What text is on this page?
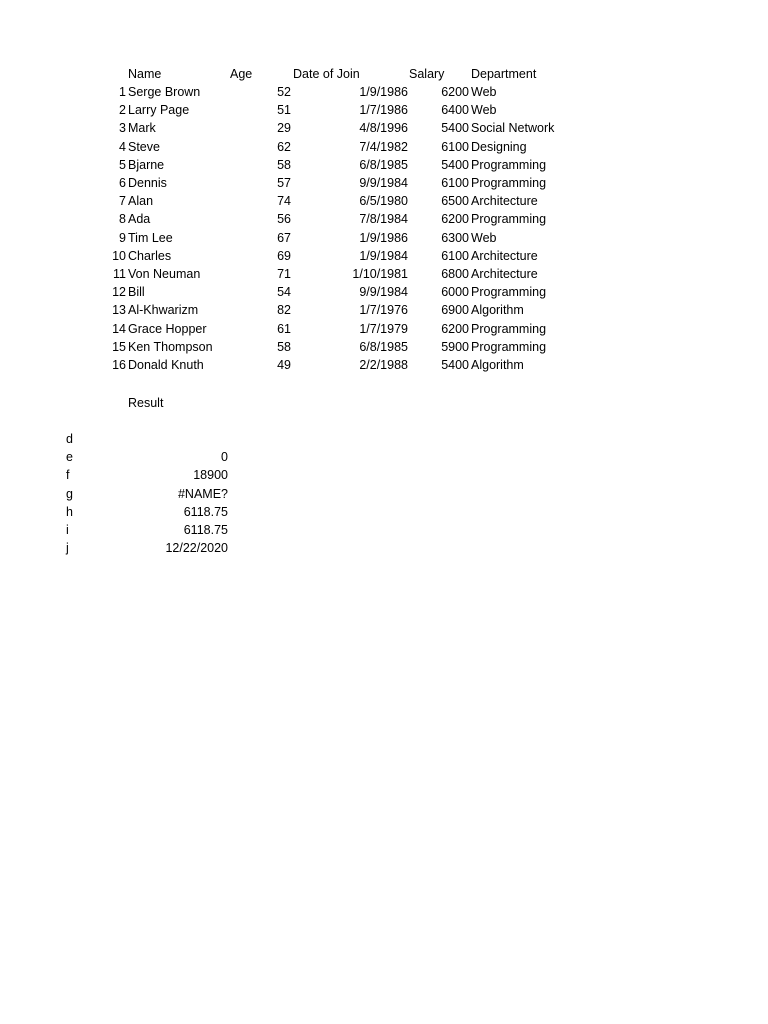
Name	Age	Date of Join	Salary Department
1 Serge Brown	52	1/9/1986	6200 Web
2 Larry Page	51	1/7/1986	6400 Web
3 Mark	29	4/8/1996	5400 Social Network
4 Steve	62	7/4/1982	6100 Designing
5 Bjarne	58	6/8/1985	5400 Programming
6 Dennis	57	9/9/1984	6100 Programming
7 Alan	74	6/5/1980	6500 Architecture
8 Ada	56	7/8/1984	6200 Programming
9 Tim Lee	67	1/9/1986	6300 Web
10 Charles	69	1/9/1984	6100 Architecture
11 Von Neuman	71	1/10/1981	6800 Architecture
12 Bill	54	9/9/1984	6000 Programming
13 Al-Khwarizm	82	1/7/1976	6900 Algorithm
14 Grace Hopper	61	1/7/1979	6200 Programming
15 Ken Thompson	58	6/8/1985	5900 Programming
16 Donald Knuth	49	2/2/1988	5400 Algorithm
Result
d
e	0
f	18900
g	#NAME?
h	6118.75
i	6118.75
j	12/22/2020
